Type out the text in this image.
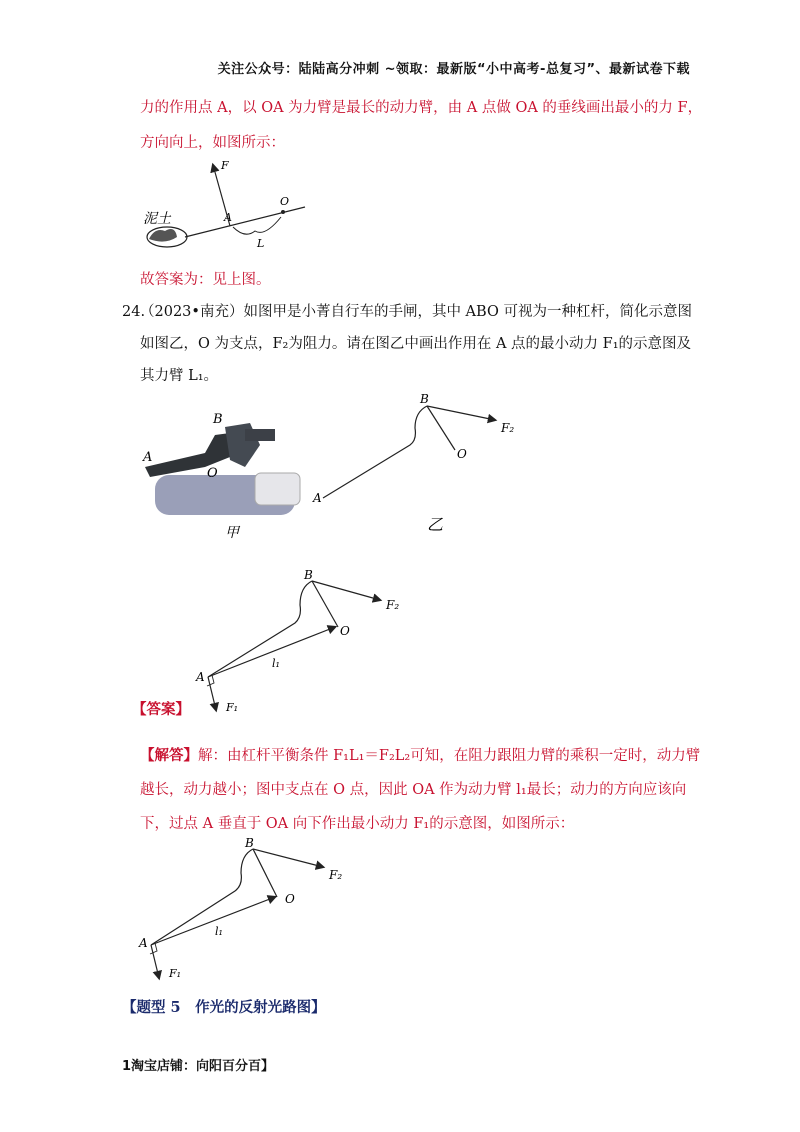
关注公众号：陆陆高分冲刺 ~领取：最新版“小中高考-总复习”、最新试卷下载
力的作用点 A，以 OA 为力臂是最长的动力臂，由 A 点做 OA 的垂线画出最小的力 F，
方向向上，如图所示：
泥土
F
A
O
L
故答案为：见上图。
24.
（2023•南充）如图甲是小菁自行车的手闸，其中 ABO 可视为一种杠杆，简化示意图
如图乙，O 为支点，F₂为阻力。请在图乙中画出作用在 A 点的最小动力 F₁的示意图及
其力臂 L₁。
A
B
O
甲
A
B
O
F₂
乙
A
B
O
F₂
F₁
l₁
【答案】
【解答】解：由杠杆平衡条件 F₁L₁＝F₂L₂可知，在阻力跟阻力臂的乘积一定时，动力臂
越长，动力越小；图中支点在 O 点，因此 OA 作为动力臂 l₁最长；动力的方向应该向
下，过点 A 垂直于 OA 向下作出最小动力 F₁的示意图，如图所示：
A
B
O
F₂
F₁
l₁
【题型 5　作光的反射光路图】
1淘宝店铺：向阳百分百】
